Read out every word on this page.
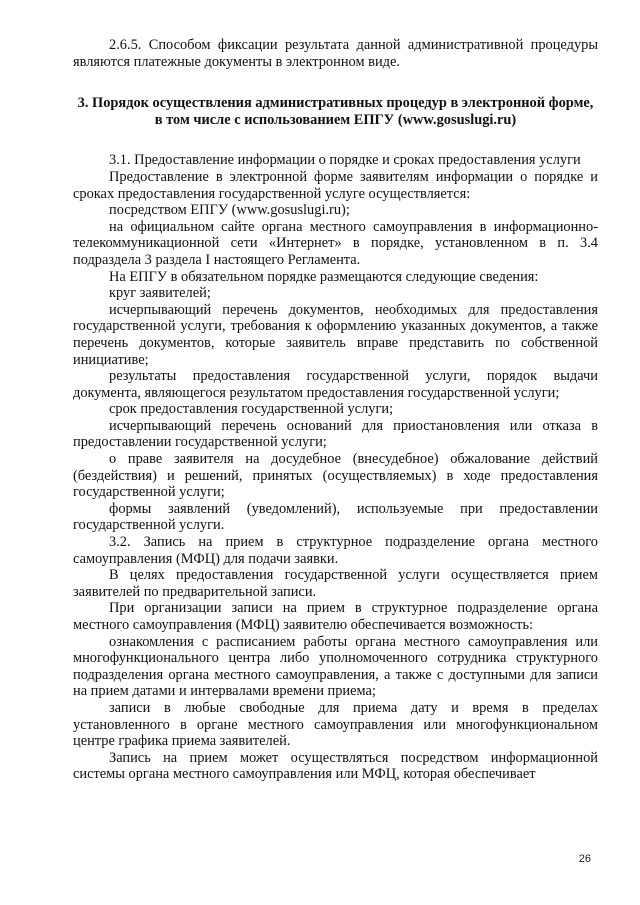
2.6.5. Способом фиксации результата данной административной процедуры являются платежные документы в электронном виде.

3. Порядок осуществления административных процедур в электронной форме, в том числе с использованием ЕПГУ (www.gosuslugi.ru)

3.1. Предоставление информации о порядке и сроках предоставления услуги

Предоставление в электронной форме заявителям информации о порядке и сроках предоставления государственной услуге осуществляется:

посредством ЕПГУ (www.gosuslugi.ru);

на официальном сайте органа местного самоуправления в информационно-телекоммуникационной сети «Интернет» в порядке, установленном в п. 3.4 подраздела 3 раздела I настоящего Регламента.

На ЕПГУ в обязательном порядке размещаются следующие сведения:

круг заявителей;

исчерпывающий перечень документов, необходимых для предоставления государственной услуги, требования к оформлению указанных документов, а также перечень документов, которые заявитель вправе представить по собственной инициативе;

результаты предоставления государственной услуги, порядок выдачи документа, являющегося результатом предоставления государственной услуги;

срок предоставления государственной услуги;

исчерпывающий перечень оснований для приостановления или отказа в предоставлении государственной услуги;

о праве заявителя на досудебное (внесудебное) обжалование действий (бездействия) и решений, принятых (осуществляемых) в ходе предоставления государственной услуги;

формы заявлений (уведомлений), используемые при предоставлении государственной услуги.

3.2. Запись на прием в структурное подразделение органа местного самоуправления (МФЦ) для подачи заявки.

В целях предоставления государственной услуги осуществляется прием заявителей по предварительной записи.

При организации записи на прием в структурное подразделение органа местного самоуправления (МФЦ) заявителю обеспечивается возможность:

ознакомления с расписанием работы органа местного самоуправления или многофункционального центра либо уполномоченного сотрудника структурного подразделения органа местного самоуправления, а также с доступными для записи на прием датами и интервалами времени приема;

записи в любые свободные для приема дату и время в пределах установленного в органе местного самоуправления или многофункциональном центре графика приема заявителей.

Запись на прием может осуществляться посредством информационной системы органа местного самоуправления или МФЦ, которая обеспечивает

26
